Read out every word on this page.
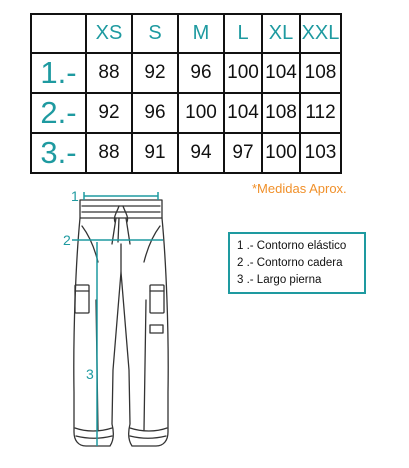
	XS	S	M	L	XL	XXL
1.-	88	92	96	100	104	108
2.-	92	96	100	104	108	112
3.-	88	91	94	97	100	103
*Medidas Aprox.
1
2
3
1 .- Contorno elástico
2 .- Contorno cadera
3 .- Largo pierna
